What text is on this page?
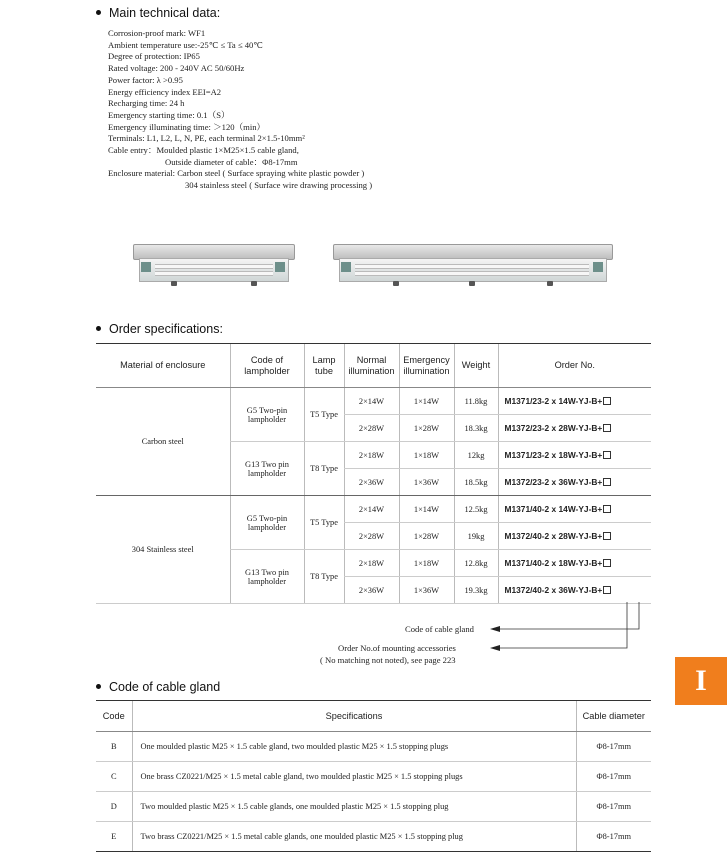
Main technical data:
Corrosion-proof mark: WF1
Ambient temperature use:-25℃ ≤ Ta ≤ 40℃
Degree of protection: IP65
Rated voltage: 200 - 240V AC 50/60Hz
Power factor: λ >0.95
Energy efficiency index EEI=A2
Recharging time: 24 h
Emergency starting time: 0.1（S）
Emergency illuminating time: ＞120（min）
Terminals: L1, L2, L, N, PE, each terminal 2×1.5-10mm²
Cable entry：Moulded plastic 1×M25×1.5 cable gland,
Outside diameter of cable：Φ8-17mm
Enclosure material: Carbon steel ( Surface spraying white plastic powder )
304 stainless steel ( Surface wire drawing processing )
Order specifications:
Material of enclosure	Code of lampholder	Lamp tube	Normal illumination	Emergency illumination	Weight	Order No.
Carbon steel	G5 Two-pin lampholder	T5 Type	2×14W	1×14W	11.8kg	M1371/23-2 x 14W-YJ-B+
			2×28W	1×28W	18.3kg	M1372/23-2 x 28W-YJ-B+
	G13 Two pin lampholder	T8 Type	2×18W	1×18W	12kg	M1371/23-2 x 18W-YJ-B+
			2×36W	1×36W	18.5kg	M1372/23-2 x 36W-YJ-B+
304 Stainless steel	G5 Two-pin lampholder	T5 Type	2×14W	1×14W	12.5kg	M1371/40-2 x 14W-YJ-B+
			2×28W	1×28W	19kg	M1372/40-2 x 28W-YJ-B+
	G13 Two pin lampholder	T8 Type	2×18W	1×18W	12.8kg	M1371/40-2 x 18W-YJ-B+
			2×36W	1×36W	19.3kg	M1372/40-2 x 36W-YJ-B+
Code of cable gland
Order No.of mounting accessories
( No matching not noted), see page 223
I
Code of cable gland
Code	Specifications	Cable diameter
B	One moulded plastic M25 × 1.5 cable gland, two moulded plastic M25 × 1.5 stopping plugs	Φ8-17mm
C	One brass CZ0221/M25 × 1.5 metal cable gland, two moulded plastic M25 × 1.5 stopping plugs	Φ8-17mm
D	Two moulded plastic M25 × 1.5 cable glands, one moulded plastic M25 × 1.5 stopping plug	Φ8-17mm
E	Two brass CZ0221/M25 × 1.5 metal cable glands, one moulded plastic M25 × 1.5 stopping plug	Φ8-17mm
